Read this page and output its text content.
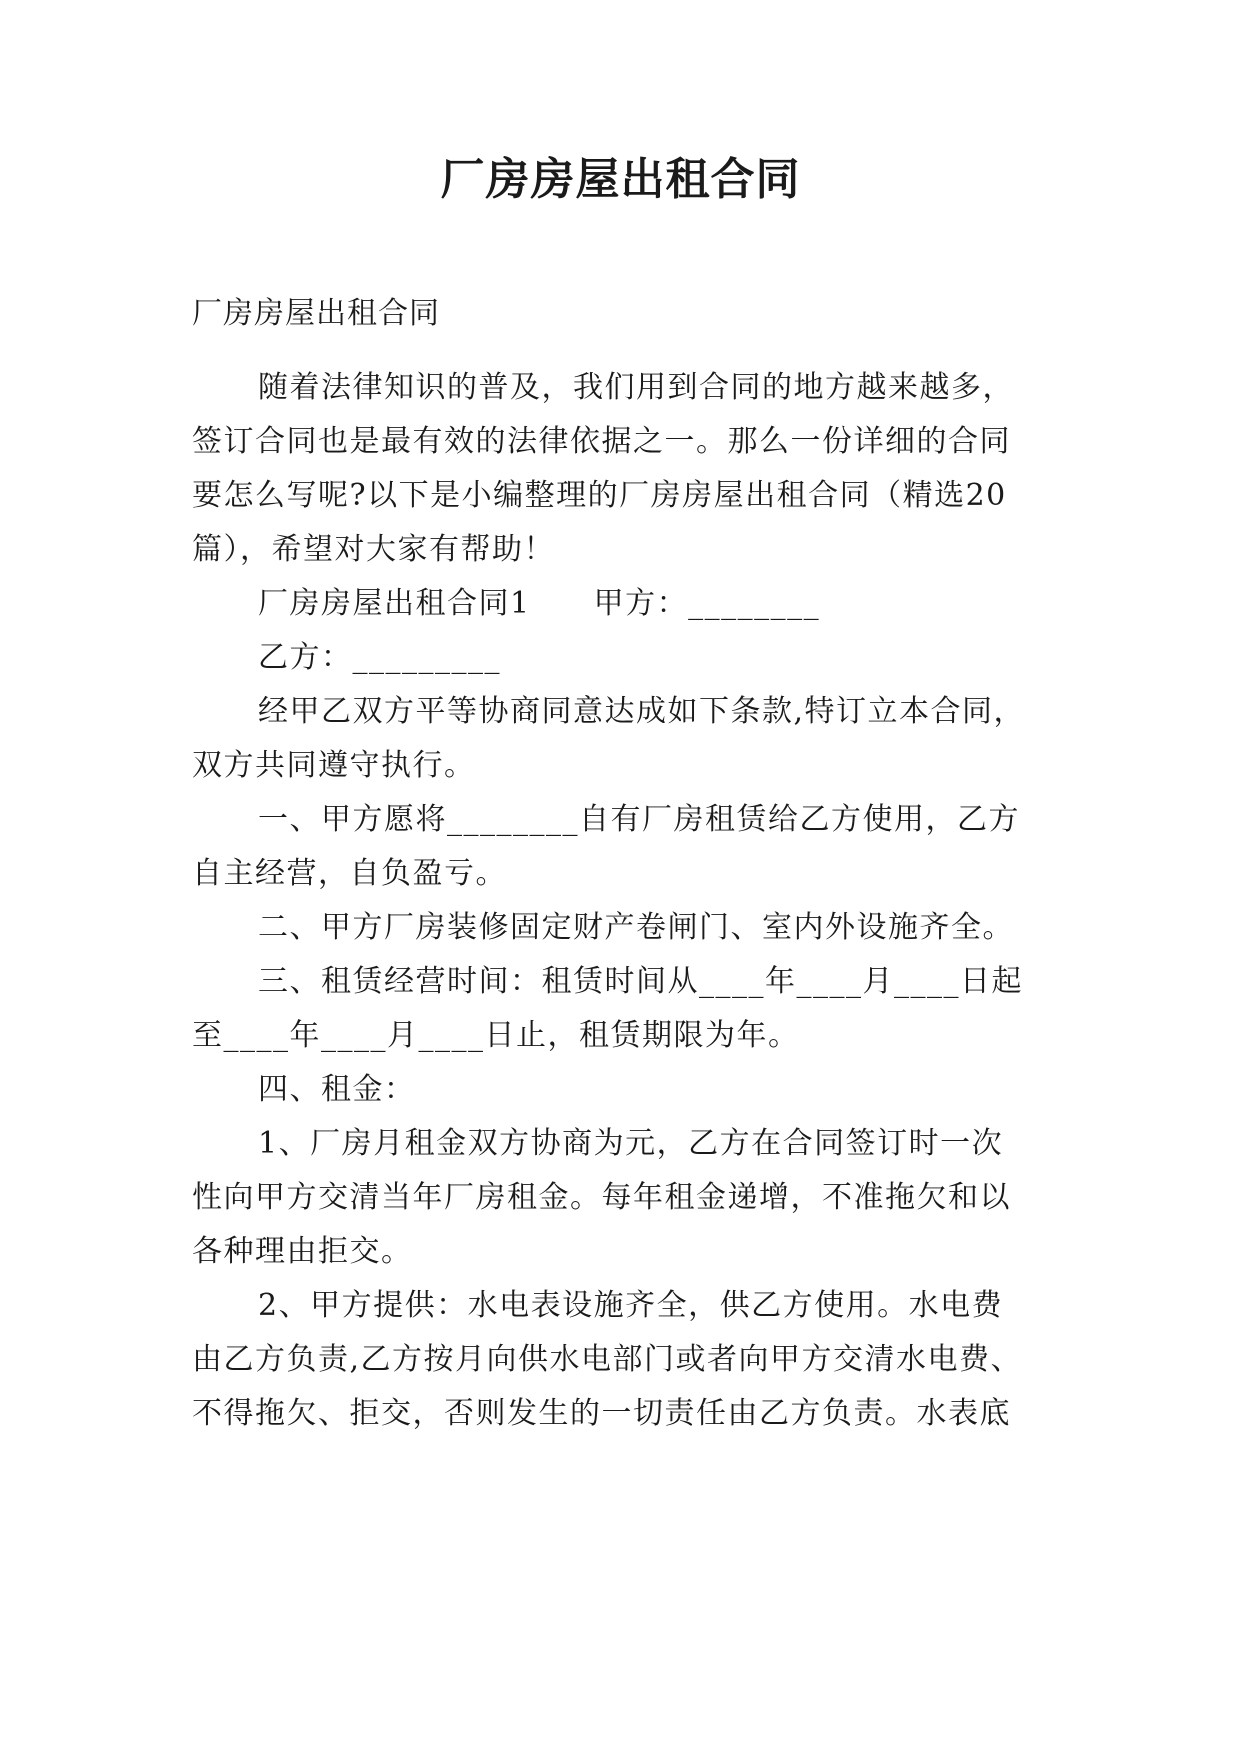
厂房房屋出租合同
厂房房屋出租合同
随着法律知识的普及，我们用到合同的地方越来越多，
签订合同也是最有效的法律依据之一。那么一份详细的合同
要怎么写呢?以下是小编整理的厂房房屋出租合同（精选20
篇），希望对大家有帮助！
厂房房屋出租合同1　　甲方：________
乙方：_________
经甲乙双方平等协商同意达成如下条款,特订立本合同，
双方共同遵守执行。
一、甲方愿将________自有厂房租赁给乙方使用，乙方
自主经营，自负盈亏。
二、甲方厂房装修固定财产卷闸门、室内外设施齐全。
三、租赁经营时间：租赁时间从____年____月____日起
至____年____月____日止，租赁期限为年。
四、租金：
1、厂房月租金双方协商为元，乙方在合同签订时一次
性向甲方交清当年厂房租金。每年租金递增，不准拖欠和以
各种理由拒交。
2、甲方提供：水电表设施齐全，供乙方使用。水电费
由乙方负责,乙方按月向供水电部门或者向甲方交清水电费、
不得拖欠、拒交，否则发生的一切责任由乙方负责。水表底
